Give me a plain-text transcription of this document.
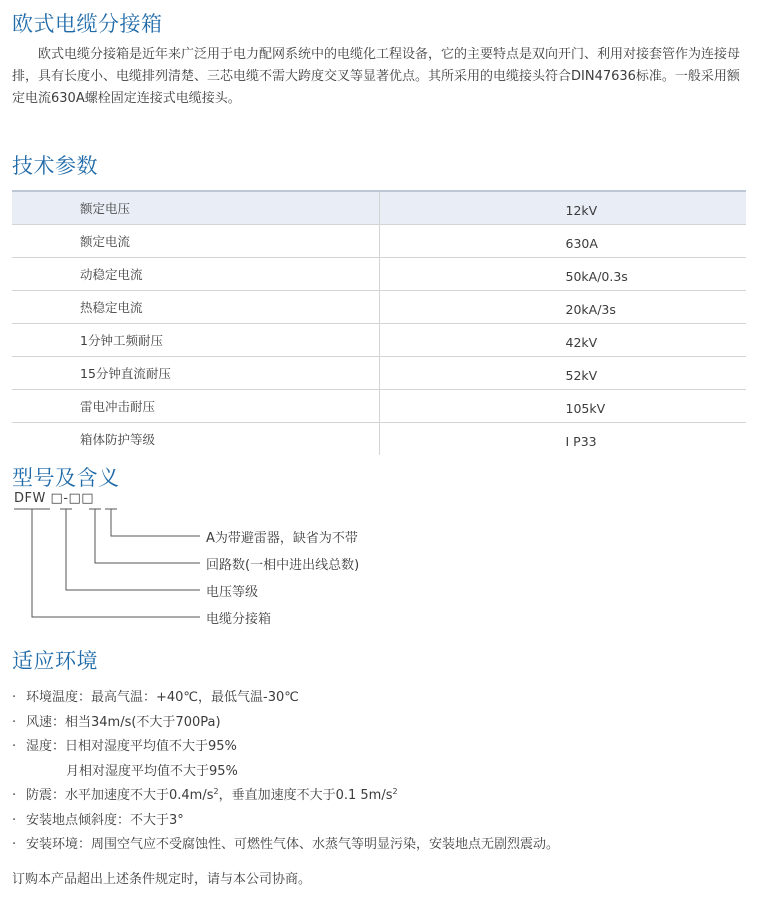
欧式电缆分接箱

欧式电缆分接箱是近年来广泛用于电力配网系统中的电缆化工程设备，它的主要特点是双向开门、利用对接套管作为连接母排，具有长度小、电缆排列清楚、三芯电缆不需大跨度交叉等显著优点。其所采用的电缆接头符合DIN47636标准。一般采用额定电流630A螺栓固定连接式电缆接头。

技术参数
额定电压	12kV
额定电流	630A
动稳定电流	50kA/0.3s
热稳定电流	20kA/3s
1分钟工频耐压	42kV
15分钟直流耐压	52kV
雷电冲击耐压	105kV
箱体防护等级	I P33
型号及含义
DFW □-□□
A为带避雷器，缺省为不带
回路数(一相中进出线总数)
电压等级
电缆分接箱
适应环境
· 环境温度：最高气温：+40℃，最低气温-30℃
· 风速：相当34m/s(不大于700Pa)
· 湿度：日相对湿度平均值不大于95%
月相对湿度平均值不大于95%
· 防震：水平加速度不大于$0.4m/s^2$，垂直加速度不大于0.1 $5m/s^2$
· 安装地点倾斜度：不大于3°
· 安装环境：周围空气应不受腐蚀性、可燃性气体、水蒸气等明显污染，安装地点无剧烈震动。
订购本产品超出上述条件规定时，请与本公司协商。
